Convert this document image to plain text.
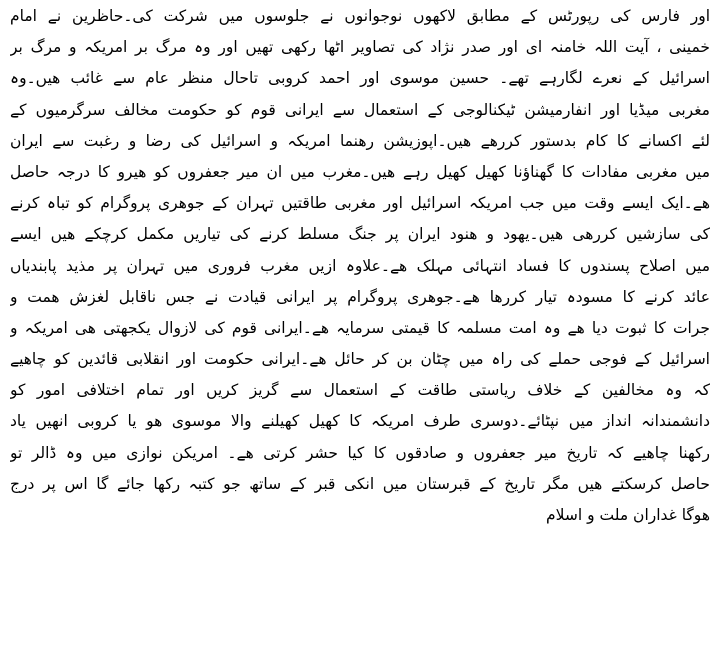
اور فارس کی رپورٹس کے مطابق لاکھوں نوجوانوں نے جلوسوں میں شرکت کی۔حاظرین نے امام
خمینی ، آیت اللہ خامنہ ای اور صدر نژاد کی تصاویر اٹھا رکھی تھیں اور وہ مرگ بر امریکہ و مرگ بر
اسرائیل کے نعرے لگارہے تھے۔ حسین موسوی اور احمد کروبی تاحال منظر عام سے غائب ھیں۔وہ
مغربی میڈیا اور انفارمیشن ٹیکنالوجی کے استعمال سے ایرانی قوم کو حکومت مخالف سرگرمیوں کے
لئے اکسانے کا کام بدستور کررھے ھیں۔اپوزیشن رھنما امریکہ و اسرائیل کی رضا و رغبت سے ایران
میں مغربی مفادات کا گھناؤنا کھیل کھیل رہے ھیں۔مغرب میں ان میر جعفروں کو ھیرو کا درجہ حاصل
ھے۔ایک ایسے وقت میں جب امریکہ اسرائیل اور مغربی طاقتیں تہران کے جوھری پروگرام کو تباہ کرنے
کی سازشیں کررھی ھیں۔یھود و ھنود ایران پر جنگ مسلط کرنے کی تیاریں مکمل کرچکے ھیں ایسے
میں اصلاح پسندوں کا فساد انتہائی مہلک ھے۔علاوہ ازیں مغرب فروری میں تہران پر مذید پابندیاں
عائد کرنے کا مسودہ تیار کررھا ھے۔جوھری پروگرام پر ایرانی قیادت نے جس ناقابل لغزش ھمت و
جرات کا ثبوت دیا ھے وہ امت مسلمہ کا قیمتی سرمایہ ھے۔ایرانی قوم کی لازوال یکجھتی ھی امریکہ و
اسرائیل کے فوجی حملے کی راہ میں چٹان بن کر حائل ھے۔ایرانی حکومت اور انقلابی قائدین کو چاھیے
کہ وہ مخالفین کے خلاف ریاستی طاقت کے استعمال سے گریز کریں اور تمام اختلافی امور کو
دانشمندانہ انداز میں نپٹائے۔دوسری طرف امریکہ کا کھیل کھیلنے والا موسوی ھو یا کروبی انھیں یاد
رکھنا چاھیے کہ تاریخ میر جعفروں و صادقوں کا کیا حشر کرتی ھے۔ امریکن نوازی میں وہ ڈالر تو
حاصل کرسکتے ھیں مگر تاریخ کے قبرستان میں انکی قبر کے ساتھ جو کتبہ رکھا جائے گا اس پر درج
ھوگا غداران ملت و اسلام
